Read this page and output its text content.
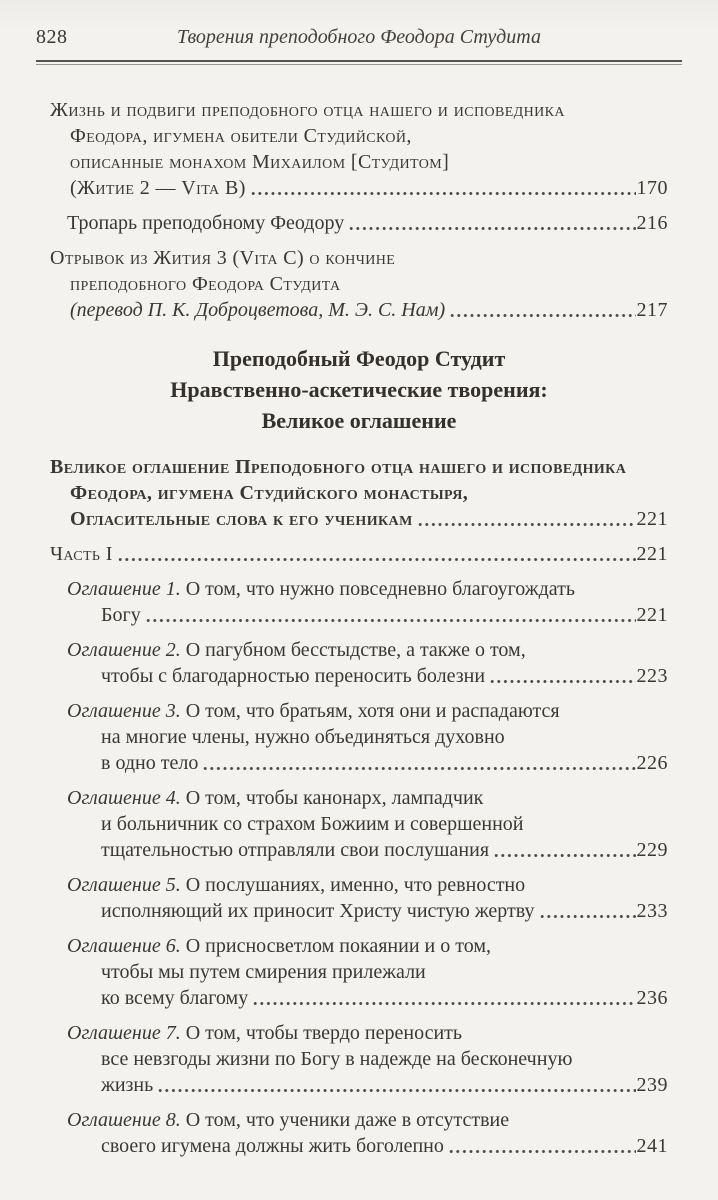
828	Творения преподобного Феодора Студита
Жизнь и подвиги преподобного отца нашего и исповедника
Феодора, игумена обители Студийской,
описанные монахом Михаилом [Студитом]
(Житие 2 — Vita B)	170
Тропарь преподобному Феодору	216
Отрывок из Жития 3 (Vita C) о кончине
преподобного Феодора Студита
(перевод П. К. Доброцветова, М. Э. С. Нам)	217
Преподобный Феодор Студит
Нравственно-аскетические творения:
Великое оглашение
Великое оглашение Преподобного отца нашего и исповедника
Феодора, игумена Студийского монастыря,
Огласительные слова к его ученикам	221
Часть I	221
Оглашение 1. О том, что нужно повседневно благоугождать
Богу	221
Оглашение 2. О пагубном бесстыдстве, а также о том,
чтобы с благодарностью переносить болезни	223
Оглашение 3. О том, что братьям, хотя они и распадаются
на многие члены, нужно объединяться духовно
в одно тело	226
Оглашение 4. О том, чтобы канонарх, лампадчик
и больничник со страхом Божиим и совершенной
тщательностью отправляли свои послушания	229
Оглашение 5. О послушаниях, именно, что ревностно
исполняющий их приносит Христу чистую жертву	233
Оглашение 6. О присносветлом покаянии и о том,
чтобы мы путем смирения прилежали
ко всему благому	236
Оглашение 7. О том, чтобы твердо переносить
все невзгоды жизни по Богу в надежде на бесконечную
жизнь	239
Оглашение 8. О том, что ученики даже в отсутствие
своего игумена должны жить боголепно	241
